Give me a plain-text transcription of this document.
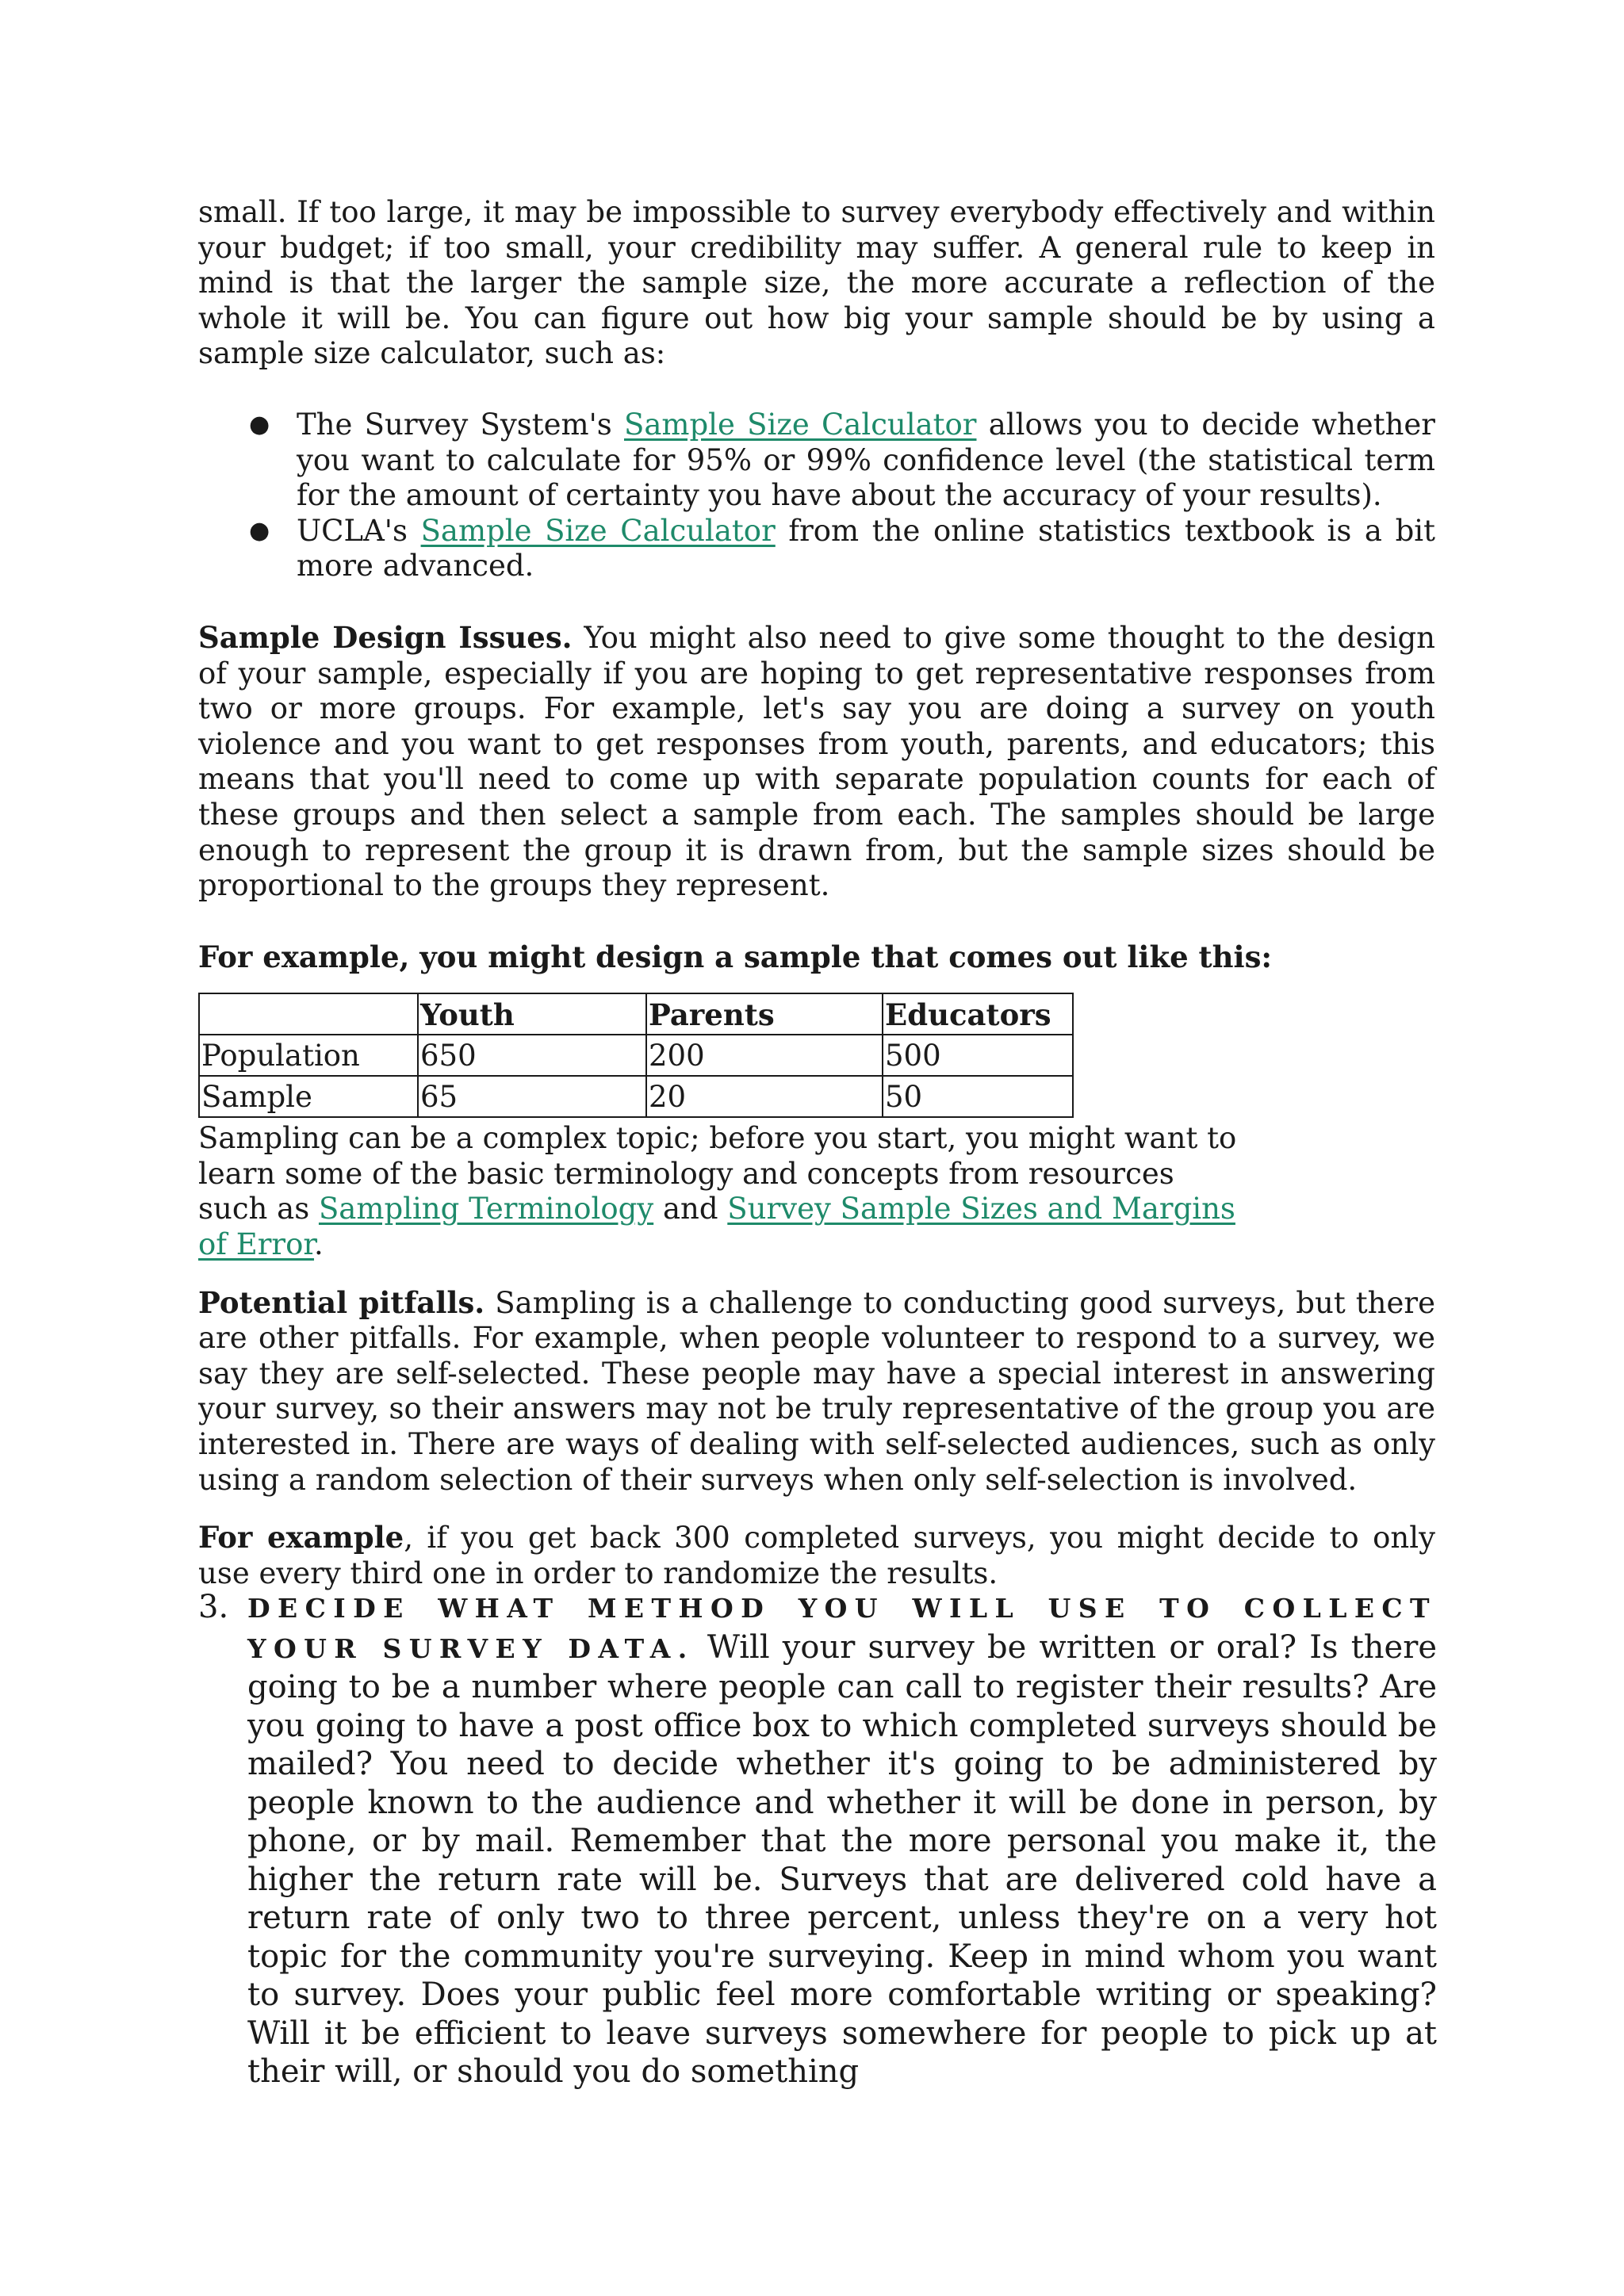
small. If too large, it may be impossible to survey everybody effectively and within your budget; if too small, your credibility may suffer. A general rule to keep in mind is that the larger the sample size, the more accurate a reflection of the whole it will be. You can figure out how big your sample should be by using a sample size calculator, such as:

● The Survey System's Sample Size Calculator allows you to decide whether you want to calculate for 95% or 99% confidence level (the statistical term for the amount of certainty you have about the accuracy of your results).
● UCLA's Sample Size Calculator from the online statistics textbook is a bit more advanced.

Sample Design Issues. You might also need to give some thought to the design of your sample, especially if you are hoping to get representative responses from two or more groups. For example, let's say you are doing a survey on youth violence and you want to get responses from youth, parents, and educators; this means that you'll need to come up with separate population counts for each of these groups and then select a sample from each. The samples should be large enough to represent the group it is drawn from, but the sample sizes should be proportional to the groups they represent.

For example, you might design a sample that comes out like this:

	Youth	Parents	Educators
Population	650	200	500
Sample	65	20	50

Sampling can be a complex topic; before you start, you might want to learn some of the basic terminology and concepts from resources such as Sampling Terminology and Survey Sample Sizes and Margins of Error.

Potential pitfalls. Sampling is a challenge to conducting good surveys, but there are other pitfalls. For example, when people volunteer to respond to a survey, we say they are self-selected. These people may have a special interest in answering your survey, so their answers may not be truly representative of the group you are interested in. There are ways of dealing with self-selected audiences, such as only using a random selection of their surveys when only self-selection is involved.

For example, if you get back 300 completed surveys, you might decide to only use every third one in order to randomize the results.

3. DECIDE WHAT METHOD YOU WILL USE TO COLLECT YOUR SURVEY DATA. Will your survey be written or oral? Is there going to be a number where people can call to register their results? Are you going to have a post office box to which completed surveys should be mailed? You need to decide whether it's going to be administered by people known to the audience and whether it will be done in person, by phone, or by mail. Remember that the more personal you make it, the higher the return rate will be. Surveys that are delivered cold have a return rate of only two to three percent, unless they're on a very hot topic for the community you're surveying. Keep in mind whom you want to survey. Does your public feel more comfortable writing or speaking? Will it be efficient to leave surveys somewhere for people to pick up at their will, or should you do something
